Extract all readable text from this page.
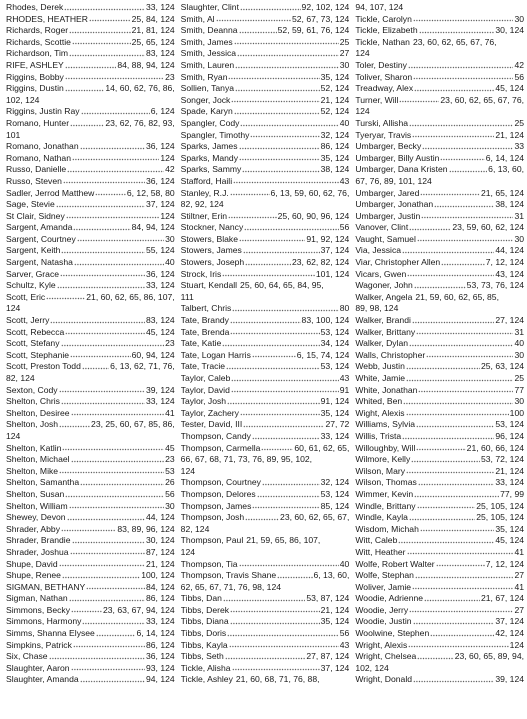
Rhodes, Derek	33, 124
RHODES, HEATHER	25, 84, 124
Richards, Roger	21, 81, 124
Richards, Scottie	25, 65, 124
Richardson, Tim	83, 124
RIFE, ASHLEY	84, 88, 94, 124
Riggins, Bobby	23
Riggins, Dustin	14, 60, 62, 76, 86,
102, 124
Riggins, Justin Ray	6, 124
Romano, Hunter	23, 62, 76, 82, 93,
101
Romano, Jonathan	36, 124
Romano, Nathan	124
Russo, Danielle	42
Russo, Steven	36, 124
Sadler, Jerrod Matthew	6, 12, 58, 80
Sage, Stevie	37, 124
St Clair, Sidney	124
Sargent, Amanda	84, 94, 124
Sargent, Courtney	30
Sargent, Keith	55, 124
Sargent, Natasha	40
Sarver, Grace	36, 124
Schultz, Kyle	33, 124
Scott, Eric	21, 60, 62, 65, 86, 107,
124
Scott, Jerry	83, 124
Scott, Rebecca	45, 124
Scott, Stefany	23
Scott, Stephanie	60, 94, 124
Scott, Preston Todd	6, 13, 62, 71, 76,
82, 124
Sexton, Cody	39, 124
Shelton, Chris	33, 124
Shelton, Desiree	41
Shelton, Josh	23, 25, 60, 67, 85, 86,
124
Shelton, Katlin	45
Shelton, Michael	23
Shelton, Mike	53
Shelton, Samantha	26
Shelton, Susan	56
Shelton, William	30
Shewey, Devon	44, 124
Shrader, Abby	83, 89, 96, 124
Shrader, Brandie	30, 124
Shrader, Joshua	87, 124
Shupe, David	21, 124
Shupe, Renee	100, 124
SIGMAN, BETHANY	84, 124
Sigman, Nathan	86, 124
Simmons, Becky	23, 63, 67, 94, 124
Simmons, Harmony	33, 124
Simms, Shanna Elysee	6, 14, 124
Simpkins, Patrick	86, 124
Six, Chase	36, 124
Slaughter, Aaron	93, 124
Slaughter, Amanda	94, 124
Slaughter, Clint	92, 102, 124
Smith, Al	52, 67, 73, 124
Smith, Deanna	52, 59, 61, 76, 124
Smith, James	25
Smith, Jessica	27
Smith, Lauren	30
Smith, Ryan	35, 124
Sollien, Tanya	52, 124
Songer, Jock	21, 124
Spade, Karyn	52, 124
Spangler, Cody	40
Spangler, Timothy	32, 124
Sparks, James	86, 124
Sparks, Mandy	35, 124
Sparks, Sammy	38, 124
Stafford, Haili	43
Stanley, R.J.	6, 13, 59, 60, 62, 76,
82, 92, 124
Stiltner, Erin	25, 60, 90, 96, 124
Stockner, Nancy	56
Stowers, Blake	91, 92, 124
Stowers, James	37, 124
Stowers, Joseph	23, 62, 82, 124
Strock, Iris	101, 124
Stuart, Kendall 25, 60, 64, 65, 84, 95,
111
Talbert, Chris	80
Tate, Brandy	83, 100, 124
Tate, Brenda	53, 124
Tate, Katie	34, 124
Tate, Logan Harris	6, 15, 74, 124
Tate, Tracie	53, 124
Taylor, Caleb	43
Taylor, David	91
Taylor, Josh	91, 124
Taylor, Zachery	35, 124
Tester, David, III	27, 72
Thompson, Candy	33, 124
Thompson, Carmella	60, 61, 62, 65,
66, 67, 68, 71, 73, 76, 89, 95, 102,
124
Thompson, Courtney	32, 124
Thompson, Delores	53, 124
Thompson, James	85, 124
Thompson, Josh	23, 60, 62, 65, 67,
82, 124
Thompson, Paul 21, 59, 65, 86, 107,
124
Thompson, Tia	40
Thompson, Travis Shane	6, 13, 60,
62, 65, 67, 71, 76, 98, 124
Tibbs, Dan	53, 87, 124
Tibbs, Derek	21, 124
Tibbs, Diana	35, 124
Tibbs, Doris	56
Tibbs, Kayla	43
Tibbs, Seth	27, 87, 124
Tickle, Alisha	37, 124
Tickle, Ashley 21, 60, 68, 71, 76, 88,
94, 107, 124
Tickle, Carolyn	30
Tickle, Elizabeth	30, 124
Tickle, Nathan 23, 60, 62, 65, 67, 76,
124
Toler, Destiny	42
Toliver, Sharon	56
Treadway, Alex	45, 124
Turner, Will	23, 60, 62, 65, 67, 76,
124
Turski, Allisha	25
Tyeryar, Travis	21, 124
Umbarger, Becky	33
Umbarger, Billy Austin	6, 14, 124
Umbarger, Dana Kristen	6, 13, 60,
67, 76, 89, 101, 124
Umbarger, Jared	21, 65, 124
Umbarger, Jonathan	38, 124
Umbarger, Justin	31
Vanover, Clint	23, 59, 60, 62, 124
Vaught, Samuel	30
Via, Jessica	44, 124
Viar, Christopher Allen	7, 12, 124
Vicars, Gwen	43, 124
Wagoner, John	53, 73, 76, 124
Walker, Angela 21, 59, 60, 62, 65, 85,
89, 98, 124
Walker, Brandi	27, 124
Walker, Brittany	31
Walker, Dylan	40
Walls, Christopher	30
Webb, Justin	25, 63, 124
White, Jamie	25
White, Jonathan	77
Whited, Ben	30
Wight, Alexis	100
Williams, Sylvia	53, 124
Willis, Trista	96, 124
Willoughby, Will	21, 60, 66, 124
Wilmore, Kelly	53, 72, 124
Wilson, Mary	21, 124
Wilson, Thomas	33, 124
Wimmer, Kevin	77, 99
Windle, Brittany	25, 105, 124
Windle, Kayla	25, 105, 124
Wisdom, Michah	35, 124
Witt, Caleb	45, 124
Witt, Heather	41
Wolfe, Robert Walter	7, 12, 124
Wolfe, Stephan	27
Woliver, Jamie	41
Woodie, Adrienne	21, 67, 124
Woodie, Jerry	27
Woodie, Justin	37, 124
Woolwine, Stephen	42, 124
Wright, Alexis	124
Wright, Chelsea	23, 60, 65, 89, 94,
102, 124
Wright, Donald	39, 124
